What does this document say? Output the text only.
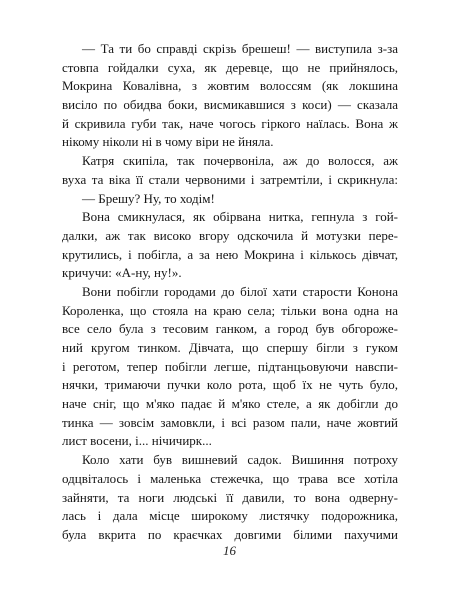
— Та ти бо справді скрізь брешеш! — виступила з-за
стовпа гойдалки суха, як деревце, що не прийнялось,
Мокрина Ковалівна, з жовтим волоссям (як локшина
висіло по обидва боки, висмикавшися з коси) — сказала
й скривила губи так, наче чогось гіркого наїлась. Вона ж
нікому ніколи ні в чому віри не йняла.
Катря скипіла, так почервоніла, аж до волосся, аж
вуха та віка її стали червоними і затремтіли, і скрикнула:
— Брешу? Ну, то ходім!
Вона смикнулася, як обірвана нитка, гепнула з гой-
далки, аж так високо вгору одскочила й мотузки пере-
крутились, і побігла, а за нею Мокрина і кількось дівчат,
кричучи: «А-ну, ну!».
Вони побігли городами до білої хати старости Конона
Короленка, що стояла на краю села; тільки вона одна на
все село була з тесовим ганком, а город був обгорожe-
ний кругом тинком. Дівчата, що спершу бігли з гуком
і реготом, тепер побігли легше, підтанцьовуючи навспи-
нячки, тримаючи пучки коло рота, щоб їх не чуть було,
наче сніг, що м'яко падає й м'яко стеле, а як добігли до
тинка — зовсім замовкли, і всі разом пали, наче жовтий
лист восени, і... нічичирк...
Коло хати був вишневий садок. Вишиння потроху
одцвіталось і маленька стежечка, що трава все хотіла
зайняти, та ноги людські її давили, то вона одвернy-
лась і дала місце широкому листячку подорожника,
була вкрита по краєчках довгими білими пахучими
16
